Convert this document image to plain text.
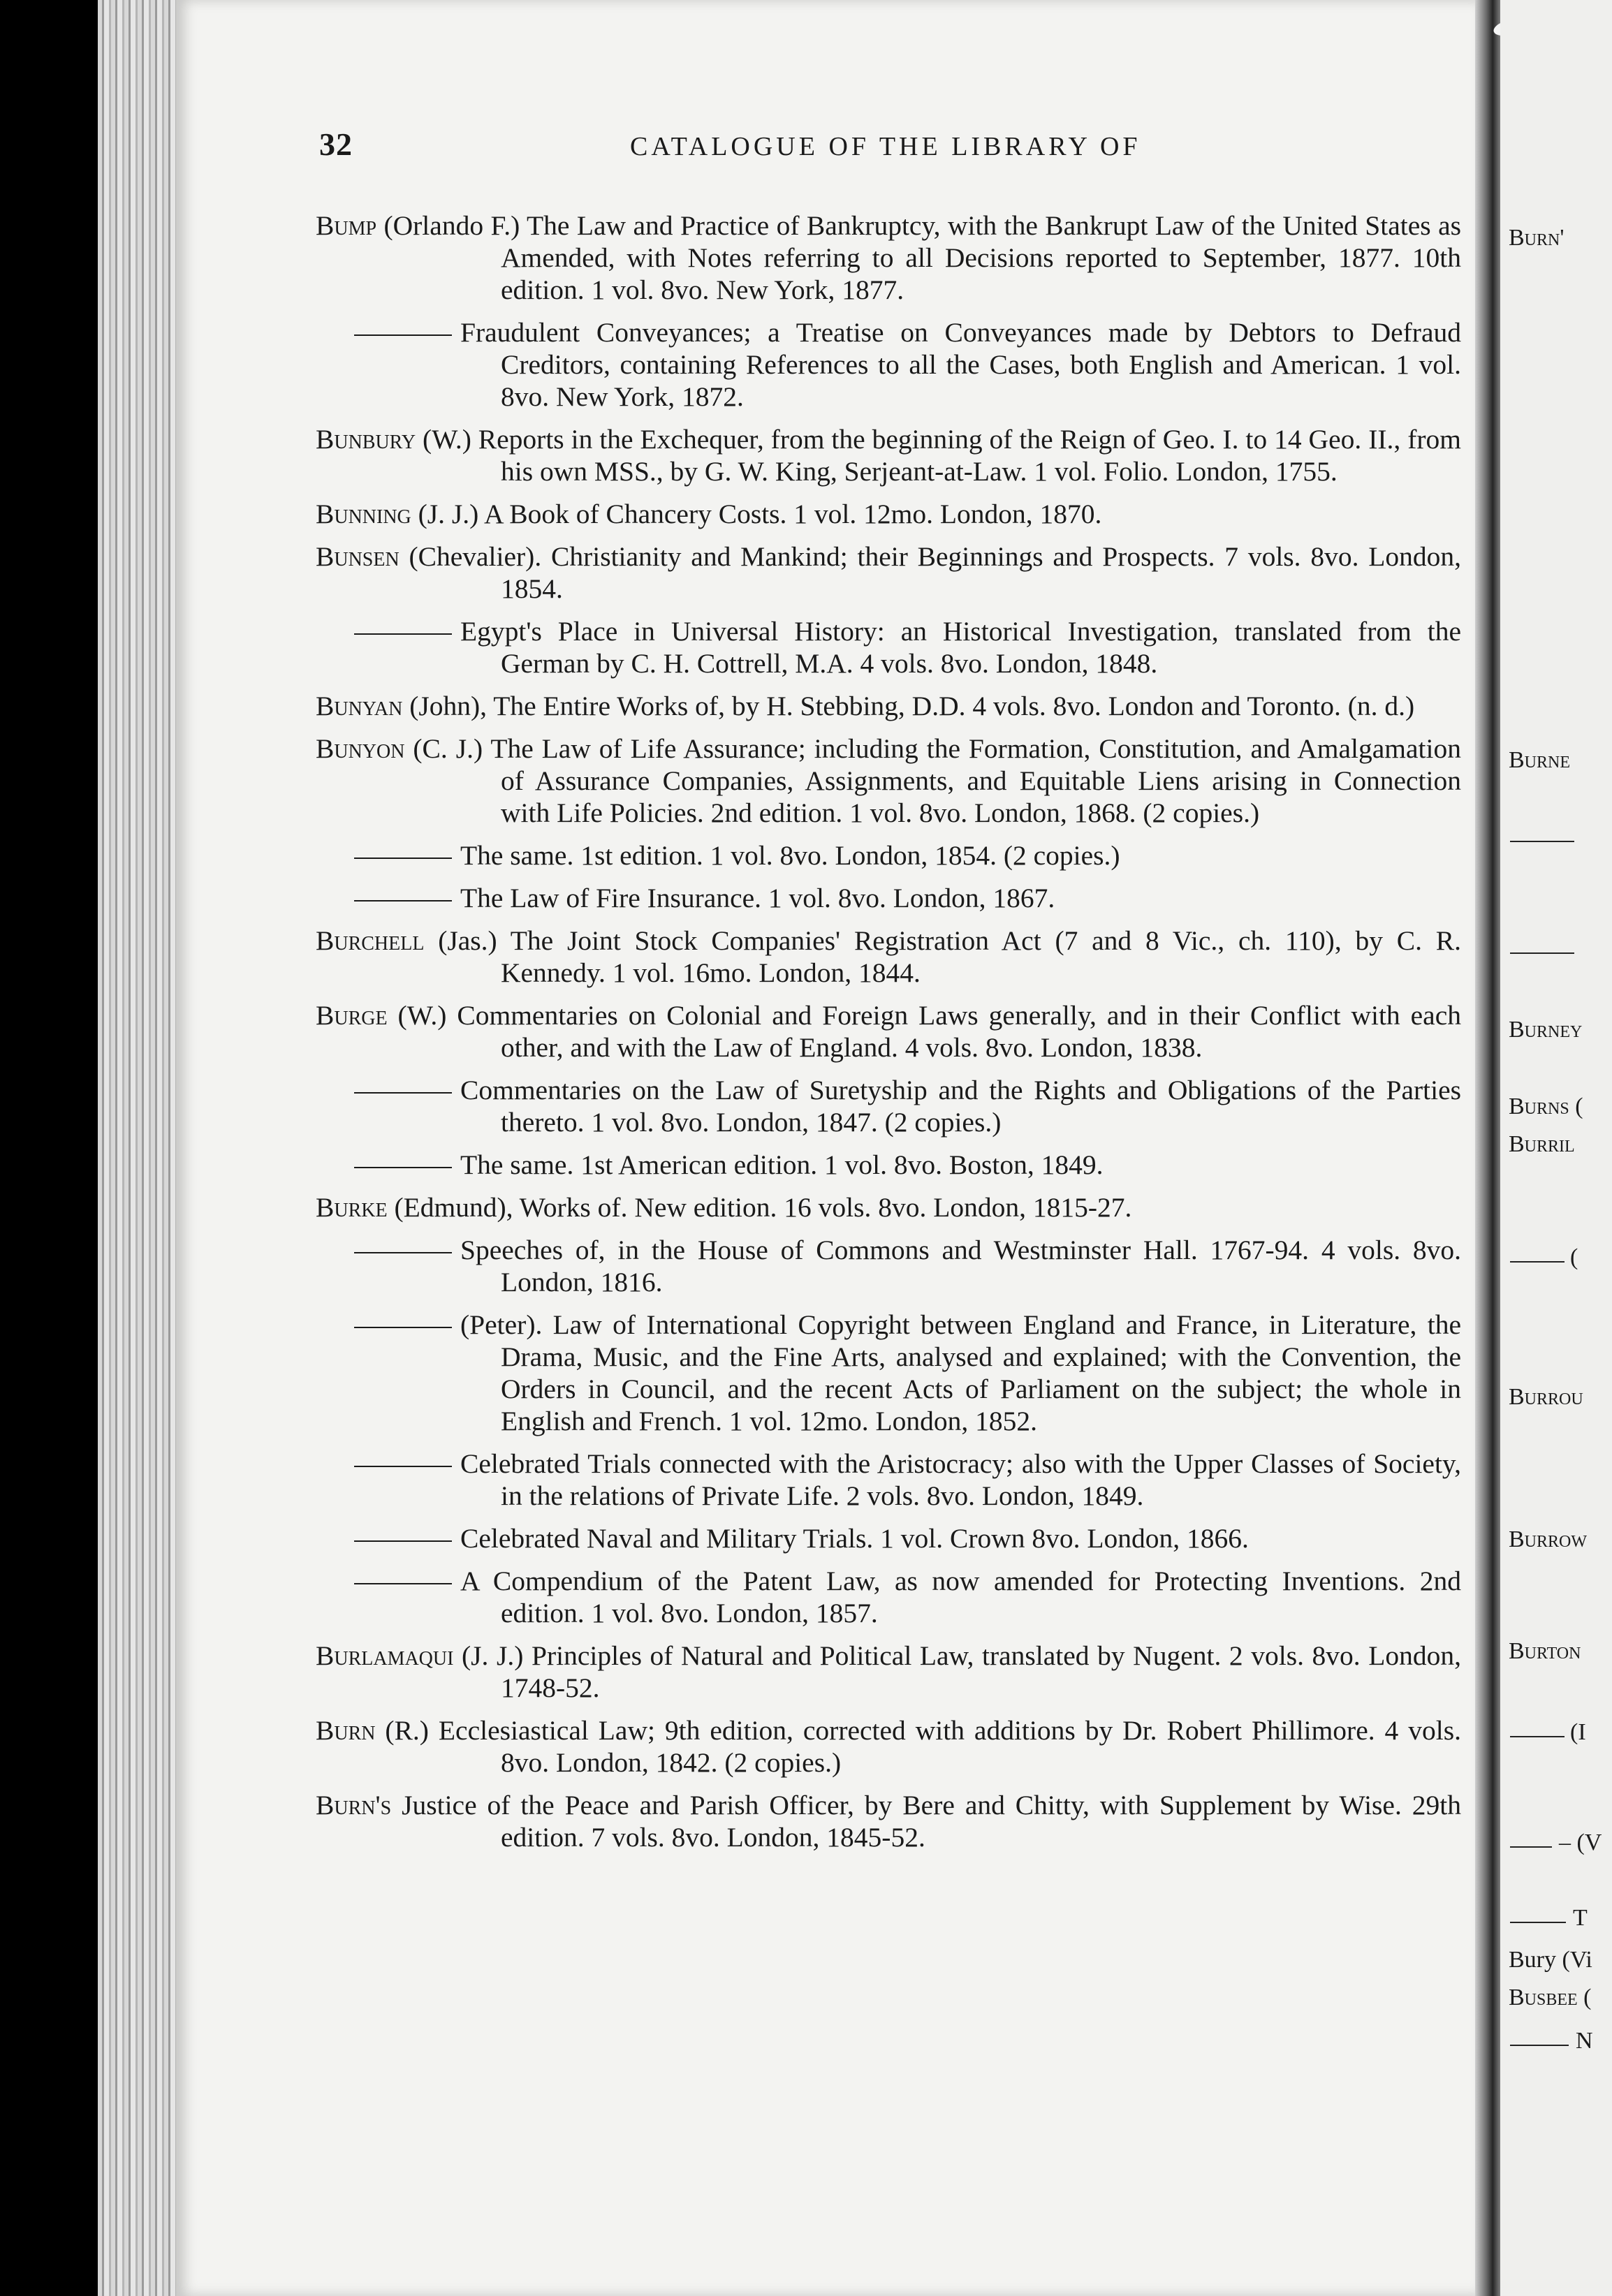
32	CATALOGUE OF THE LIBRARY OF

Bump (Orlando F.) The Law and Practice of Bankruptcy, with the Bankrupt Law of the United States as Amended, with Notes referring to all Decisions reported to September, 1877. 10th edition. 1 vol. 8vo. New York, 1877.

Fraudulent Conveyances; a Treatise on Conveyances made by Debtors to Defraud Creditors, containing References to all the Cases, both English and American. 1 vol. 8vo. New York, 1872.

Bunbury (W.) Reports in the Exchequer, from the beginning of the Reign of Geo. I. to 14 Geo. II., from his own MSS., by G. W. King, Serjeant-at-Law. 1 vol. Folio. London, 1755.

Bunning (J. J.) A Book of Chancery Costs. 1 vol. 12mo. London, 1870.

Bunsen (Chevalier). Christianity and Mankind; their Beginnings and Prospects. 7 vols. 8vo. London, 1854.

Egypt's Place in Universal History: an Historical Investigation, translated from the German by C. H. Cottrell, M.A. 4 vols. 8vo. London, 1848.

Bunyan (John), The Entire Works of, by H. Stebbing, D.D. 4 vols. 8vo. London and Toronto. (n. d.)

Bunyon (C. J.) The Law of Life Assurance; including the Formation, Constitution, and Amalgamation of Assurance Companies, Assignments, and Equitable Liens arising in Connection with Life Policies. 2nd edition. 1 vol. 8vo. London, 1868. (2 copies.)

The same. 1st edition. 1 vol. 8vo. London, 1854. (2 copies.)

The Law of Fire Insurance. 1 vol. 8vo. London, 1867.

Burchell (Jas.) The Joint Stock Companies' Registration Act (7 and 8 Vic., ch. 110), by C. R. Kennedy. 1 vol. 16mo. London, 1844.

Burge (W.) Commentaries on Colonial and Foreign Laws generally, and in their Conflict with each other, and with the Law of England. 4 vols. 8vo. London, 1838.

Commentaries on the Law of Suretyship and the Rights and Obligations of the Parties thereto. 1 vol. 8vo. London, 1847. (2 copies.)

The same. 1st American edition. 1 vol. 8vo. Boston, 1849.

Burke (Edmund), Works of. New edition. 16 vols. 8vo. London, 1815-27.

Speeches of, in the House of Commons and Westminster Hall. 1767-94. 4 vols. 8vo. London, 1816.

(Peter). Law of International Copyright between England and France, in Literature, the Drama, Music, and the Fine Arts, analysed and explained; with the Convention, the Orders in Council, and the recent Acts of Parliament on the subject; the whole in English and French. 1 vol. 12mo. London, 1852.

Celebrated Trials connected with the Aristocracy; also with the Upper Classes of Society, in the relations of Private Life. 2 vols. 8vo. London, 1849.

Celebrated Naval and Military Trials. 1 vol. Crown 8vo. London, 1866.

A Compendium of the Patent Law, as now amended for Protecting Inventions. 2nd edition. 1 vol. 8vo. London, 1857.

Burlamaqui (J. J.) Principles of Natural and Political Law, translated by Nugent. 2 vols. 8vo. London, 1748-52.

Burn (R.) Ecclesiastical Law; 9th edition, corrected with additions by Dr. Robert Phillimore. 4 vols. 8vo. London, 1842. (2 copies.)

Burn's Justice of the Peace and Parish Officer, by Bere and Chitty, with Supplement by Wise. 29th edition. 7 vols. 8vo. London, 1845-52.

Burn'
Burne
Burney
Burns (
Burril
(
Burrou
Burrow
Burton
(I
– (V
T
Bury (Vi
Busbee (
N
